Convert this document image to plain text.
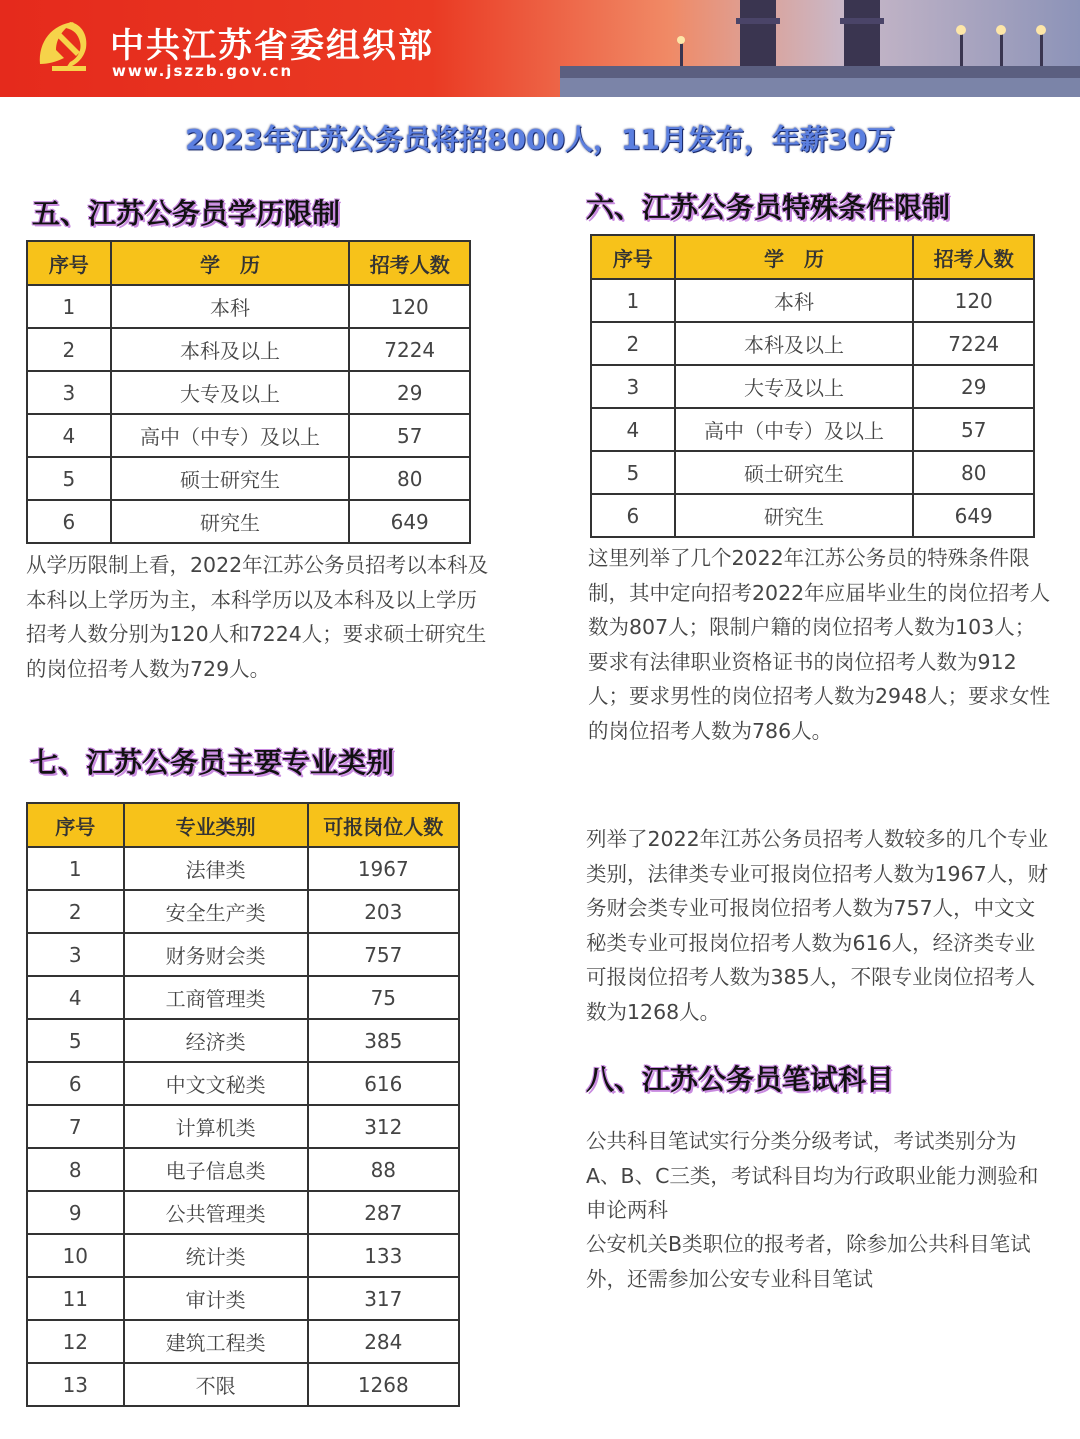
中共江苏省委组织部
www.jszzb.gov.cn
2023年江苏公务员将招8000人，11月发布，年薪30万
五、江苏公务员学历限制
序号	学　历	招考人数
1	本科	120
2	本科及以上	7224
3	大专及以上	29
4	高中（中专）及以上	57
5	硕士研究生	80
6	研究生	649
从学历限制上看，2022年江苏公务员招考以本科及本科以上学历为主，本科学历以及本科及以上学历招考人数分别为120人和7224人；要求硕士研究生的岗位招考人数为729人。
六、江苏公务员特殊条件限制
序号	学　历	招考人数
1	本科	120
2	本科及以上	7224
3	大专及以上	29
4	高中（中专）及以上	57
5	硕士研究生	80
6	研究生	649
这里列举了几个2022年江苏公务员的特殊条件限制，其中定向招考2022年应届毕业生的岗位招考人数为807人；限制户籍的岗位招考人数为103人；要求有法律职业资格证书的岗位招考人数为912人；要求男性的岗位招考人数为2948人；要求女性的岗位招考人数为786人。
七、江苏公务员主要专业类别
序号	专业类别	可报岗位人数
1	法律类	1967
2	安全生产类	203
3	财务财会类	757
4	工商管理类	75
5	经济类	385
6	中文文秘类	616
7	计算机类	312
8	电子信息类	88
9	公共管理类	287
10	统计类	133
11	审计类	317
12	建筑工程类	284
13	不限	1268
列举了2022年江苏公务员招考人数较多的几个专业类别，法律类专业可报岗位招考人数为1967人，财务财会类专业可报岗位招考人数为757人，中文文秘类专业可报岗位招考人数为616人，经济类专业可报岗位招考人数为385人，不限专业岗位招考人数为1268人。
八、江苏公务员笔试科目
公共科目笔试实行分类分级考试，考试类别分为A、B、C三类，考试科目均为行政职业能力测验和申论两科
公安机关B类职位的报考者，除参加公共科目笔试外，还需参加公安专业科目笔试
